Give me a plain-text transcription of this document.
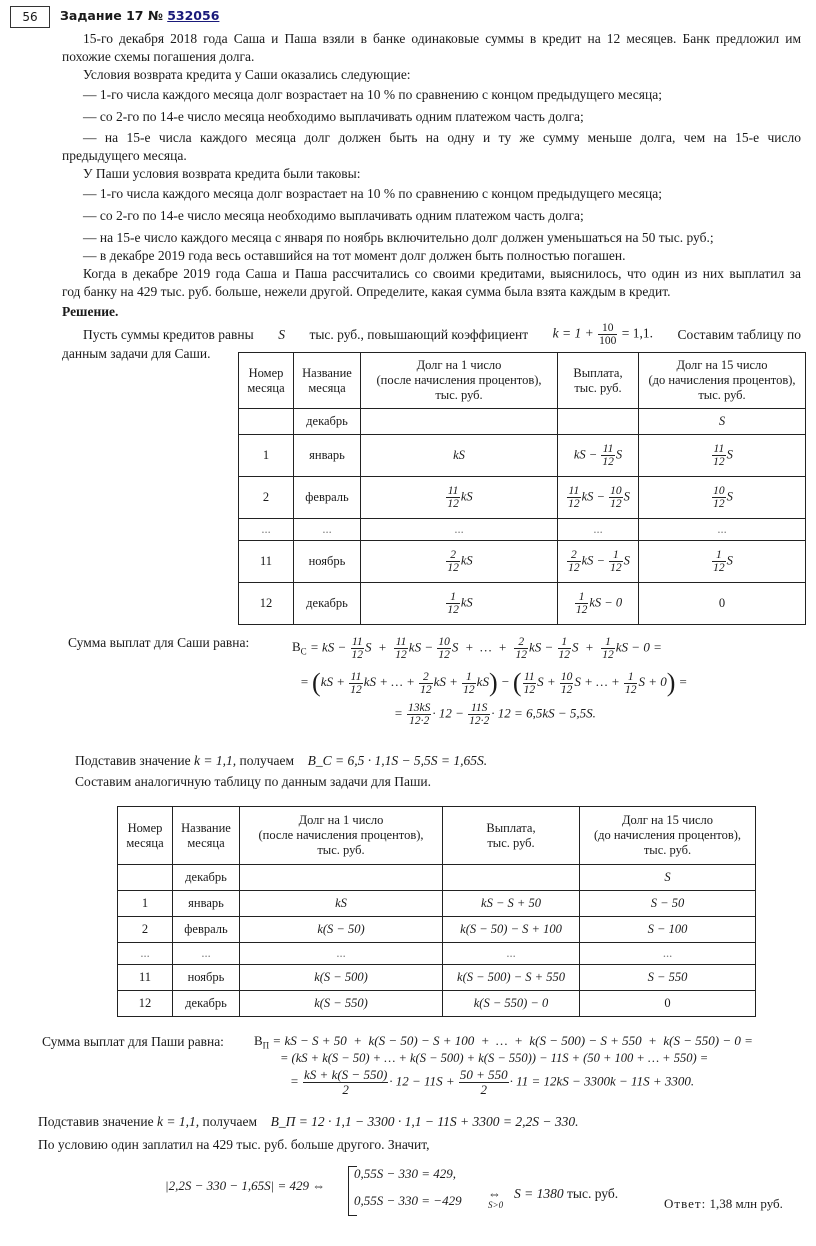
56	Задание 17 № 532056
15-го декабря 2018 года Саша и Паша взяли в банке одинаковые суммы в кредит на 12 месяцев. Банк предложил им
похожие схемы погашения долга.
Условия возврата кредита у Саши оказались следующие:
— 1-го числа каждого месяца долг возрастает на 10 % по сравнению с концом предыдущего месяца;
— со 2-го по 14-е число месяца необходимо выплачивать одним платежом часть долга;
— на 15-е числа каждого месяца долг должен быть на одну и ту же сумму меньше долга, чем на 15-е число
предыдущего месяца.
У Паши условия возврата кредита были таковы:
— 1-го числа каждого месяца долг возрастает на 10 % по сравнению с концом предыдущего месяца;
— со 2-го по 14-е число месяца необходимо выплачивать одним платежом часть долга;
— на 15-е число каждого месяца с января по ноябрь включительно долг должен уменьшаться на 50 тыс. руб.;
— в декабре 2019 года весь оставшийся на тот момент долг должен быть полностью погашен.
Когда в декабре 2019 года Саша и Паша рассчитались со своими кредитами, выяснилось, что один из них выплатил за
год банку на 429 тыс. руб. больше, нежели другой. Определите, какая сумма была взята каждым в кредит.
Решение.
Пусть суммы кредитов равны S тыс. руб., повышающий коэффициент $k = 1 + \frac{10}{100} = 1,1$. Составим таблицу по
данным задачи для Саши.
Номер
месяца	Название
месяца	Долг на 1 число
(после начисления процентов),
тыс. руб.	Выплата,
тыс. руб.	Долг на 15 число
(до начисления процентов),
тыс. руб.
	декабрь			S
1	январь	kS	kS − $\frac{11}{12}$ S	$\frac{11}{12}$ S
2	февраль	$\frac{11}{12}$ kS	$\frac{11}{12}$ kS − $\frac{10}{12}$ S	$\frac{10}{12}$ S
...	...	...	...	...
11	ноябрь	$\frac{2}{12}$ kS	$\frac{2}{12}$ kS − $\frac{1}{12}$ S	$\frac{1}{12}$ S
12	декабрь	$\frac{1}{12}$ kS	$\frac{1}{12}$ kS − 0	0
Сумма выплат для Саши равна:	$B_C$ = kS − $\frac{11}{12}$ $S + \frac{11}{12}$ kS − $\frac{10}{12}$ S  +  …  + $\frac{2}{12}$ kS − $\frac{1}{12}$ $S + \frac{1}{12}$ kS − 0 =
= ($kS + \frac{11}{12}$ kS + … + $\frac{2}{12}$ kS + $\frac{1}{12} kS$) − ( $\frac{11}{12}$ $S + \frac{10}{12}$ S + … + $\frac{1}{12}$ S + 0) =
= $\frac{13kS}{12\cdot 2} \cdot 12 - \frac{11S}{12\cdot 2} \cdot 12 = 6,5kS - 5,5S$.
Подставив значение k = 1,1, получаем B_C = 6,5 · 1,1S − 5,5S = 1,65S.
Составим аналогичную таблицу по данным задачи для Паши.
Номер
месяца	Название
месяца	Долг на 1 число
(после начисления процентов),
тыс. руб.	Выплата,
тыс. руб.	Долг на 15 число
(до начисления процентов),
тыс. руб.
	декабрь			S
1	январь	kS	kS − S + 50	S − 50
2	февраль	k(S − 50)	k(S − 50) − S + 100	S − 100
...	...	...	...	...
11	ноябрь	k(S − 500)	k(S − 500) − S + 550	S − 550
12	декабрь	k(S − 550)	k(S − 550) − 0	0
Сумма выплат для Паши равна: $B_П$ = kS − S + 50  +  k(S − 50) − S + 100  +  …  +  k(S − 500) − S + 550  +  k(S − 550) − 0 =
= (kS + k(S − 50) + … + k(S − 500) + k(S − 550)) − 11S + (50 + 100 + … + 550) =
= $\frac{kS + k(S - 550)}{2} \cdot 12 - 11S + \frac{50 + 550}{2} \cdot 11 = 12kS - 3300k - 11S + 3300$.
Подставив значение k = 1,1, получаем B_П = 12 · 1,1 − 3300 · 1,1 − 11S + 3300 = 2,2S − 330.
По условию один заплатил на 429 тыс. руб. больше другого. Значит,
|2,2S − 330 − 1,65S| = 429 ⇔
0,55S − 330 = 429,
0,55S − 330 = −429 ⇔
S>0
S = 1380 тыс. руб.
Ответ: 1,38 млн руб.
